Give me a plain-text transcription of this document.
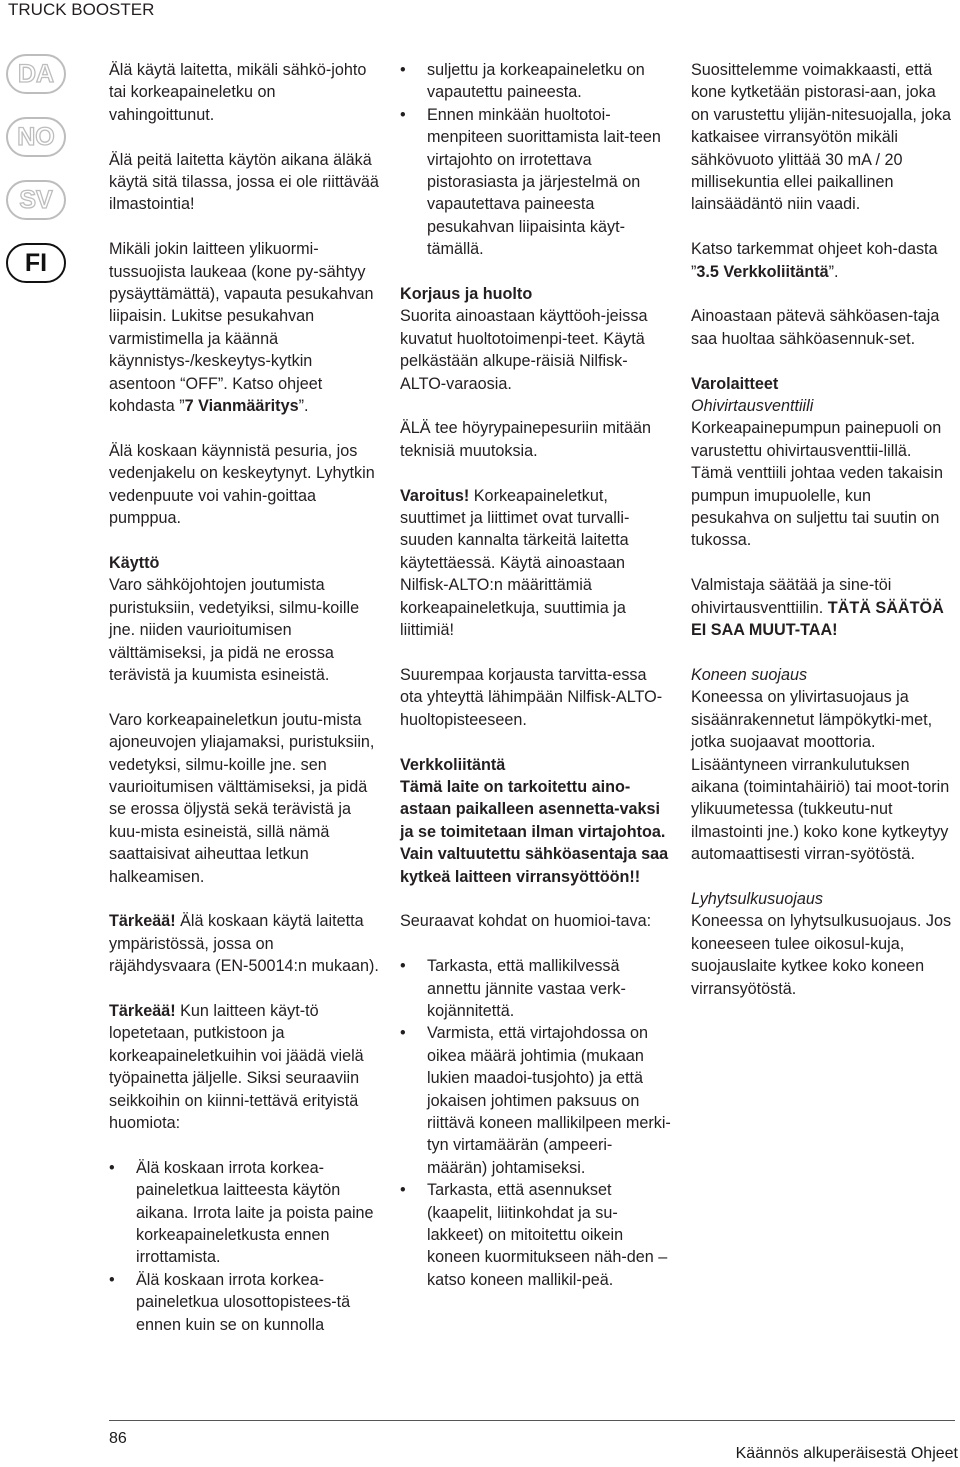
TRUCK BOOSTER
DA
NO
SV
FI

Älä käytä laitetta, mikäli sähkö-johto tai korkeapaineletku on vahingoittunut.

Älä peitä laitetta käytön aikana äläkä käytä sitä tilassa, jossa ei ole riittävää ilmastointia!

Mikäli jokin laitteen ylikuormi-tussuojista laukeaa (kone py-sähtyy pysäyttämättä), vapauta pesukahvan liipaisin. Lukitse pesukahvan varmistimella ja käännä käynnistys-/keskeytys-kytkin asentoon “OFF”. Katso ohjeet kohdasta ”7 Vianmääritys”.

Älä koskaan käynnistä pesuria, jos vedenjakelu on keskeytynyt. Lyhytkin vedenpuute voi vahin-goittaa pumppua.

Käyttö

Varo sähköjohtojen joutumista puristuksiin, vedetyiksi, silmu-koille jne. niiden vaurioitumisen välttämiseksi, ja pidä ne erossa terävistä ja kuumista esineistä.

Varo korkeapaineletkun joutu-mista ajoneuvojen yliajamaksi, puristuksiin, vedetyksi, silmu-koille jne. sen vaurioitumisen välttämiseksi, ja pidä se erossa öljystä sekä terävistä ja kuu-mista esineistä, sillä nämä saattaisivat aiheuttaa letkun halkeamisen.

Tärkeää! Älä koskaan käytä laitetta ympäristössä, jossa on räjähdysvaara (EN-50014:n mukaan).

Tärkeää! Kun laitteen käyt-tö lopetetaan, putkistoon ja korkeapaineletkuihin voi jäädä vielä työpainetta jäljelle. Siksi seuraaviin seikkoihin on kiinni-tettävä erityistä huomiota:

• Älä koskaan irrota korkea-paineletkua laitteesta käytön aikana. Irrota laite ja poista paine korkeapaineletkusta ennen irrottamista.
• Älä koskaan irrota korkea-paineletkua ulosottopistees-tä ennen kuin se on kunnolla
• suljettu ja korkeapaineletku on vapautettu paineesta.
• Ennen minkään huoltotoi-menpiteen suorittamista lait-teen virtajohto on irrotettava pistorasiasta ja järjestelmä on vapautettava paineesta pesukahvan liipaisinta käyt-tämällä.

Korjaus ja huolto

Suorita ainoastaan käyttöoh-jeissa kuvatut huoltotoimenpi-teet. Käytä pelkästään alkupe-räisiä Nilfisk-ALTO-varaosia.

ÄLÄ tee höyrypainepesuriin mitään teknisiä muutoksia.

Varoitus! Korkeapaineletkut, suuttimet ja liittimet ovat turvalli-suuden kannalta tärkeitä laitetta käytettäessä. Käytä ainoastaan Nilfisk-ALTO:n määrittämiä korkeapaineletkuja, suuttimia ja liittimiä!

Suurempaa korjausta tarvitta-essa ota yhteyttä lähimpään Nilfisk-ALTO-huoltopisteeseen.

Verkkoliitäntä

Tämä laite on tarkoitettu aino-astaan paikalleen asennetta-vaksi ja se toimitetaan ilman virtajohtoa. Vain valtuutettu sähköasentaja saa kytkeä laitteen virransyöttöön!!

Seuraavat kohdat on huomioi-tava:

• Tarkasta, että mallikilvessä annettu jännite vastaa verk-kojännitettä.
• Varmista, että virtajohdossa on oikea määrä johtimia (mukaan lukien maadoi-tusjohto) ja että jokaisen johtimen paksuus on riittävä koneen mallikilpeen merki-tyn virtamäärän (ampeeri-määrän) johtamiseksi.
• Tarkasta, että asennukset (kaapelit, liitinkohdat ja su-lakkeet) on mitoitettu oikein koneen kuormitukseen näh-den – katso koneen mallikil-peä.

Suosittelemme voimakkaasti, että kone kytketään pistorasi-aan, joka on varustettu ylijän-nitesuojalla, joka katkaisee virransyötön mikäli sähkövuoto ylittää 30 mA / 20 millisekuntia ellei paikallinen lainsäädäntö niin vaadi.

Katso tarkemmat ohjeet koh-dasta ”3.5 Verkkoliitäntä”.

Ainoastaan pätevä sähköasen-taja saa huoltaa sähköasennuk-set.

Varolaitteet

Ohivirtausventtiili

Korkeapainepumpun painepuoli on varustettu ohivirtausventtii-lillä. Tämä venttiili johtaa veden takaisin pumpun imupuolelle, kun pesukahva on suljettu tai suutin on tukossa.

Valmistaja säätää ja sine-töi ohivirtausventtiilin. TÄTÄ SÄÄTÖÄ EI SAA MUUT-TAA!

Koneen suojaus

Koneessa on ylivirtasuojaus ja sisäänrakennetut lämpökytki-met, jotka suojaavat moottoria. Lisääntyneen virrankulutuksen aikana (toimintahäiriö) tai moot-torin ylikuumetessa (tukkeutu-nut ilmastointi jne.) koko kone kytkeytyy automaattisesti virran-syötöstä.

Lyhytsulkusuojaus

Koneessa on lyhytsulkusuojaus. Jos koneeseen tulee oikosul-kuja, suojauslaite kytkee koko koneen virransyötöstä.

86
Käännös alkuperäisestä Ohjeet
